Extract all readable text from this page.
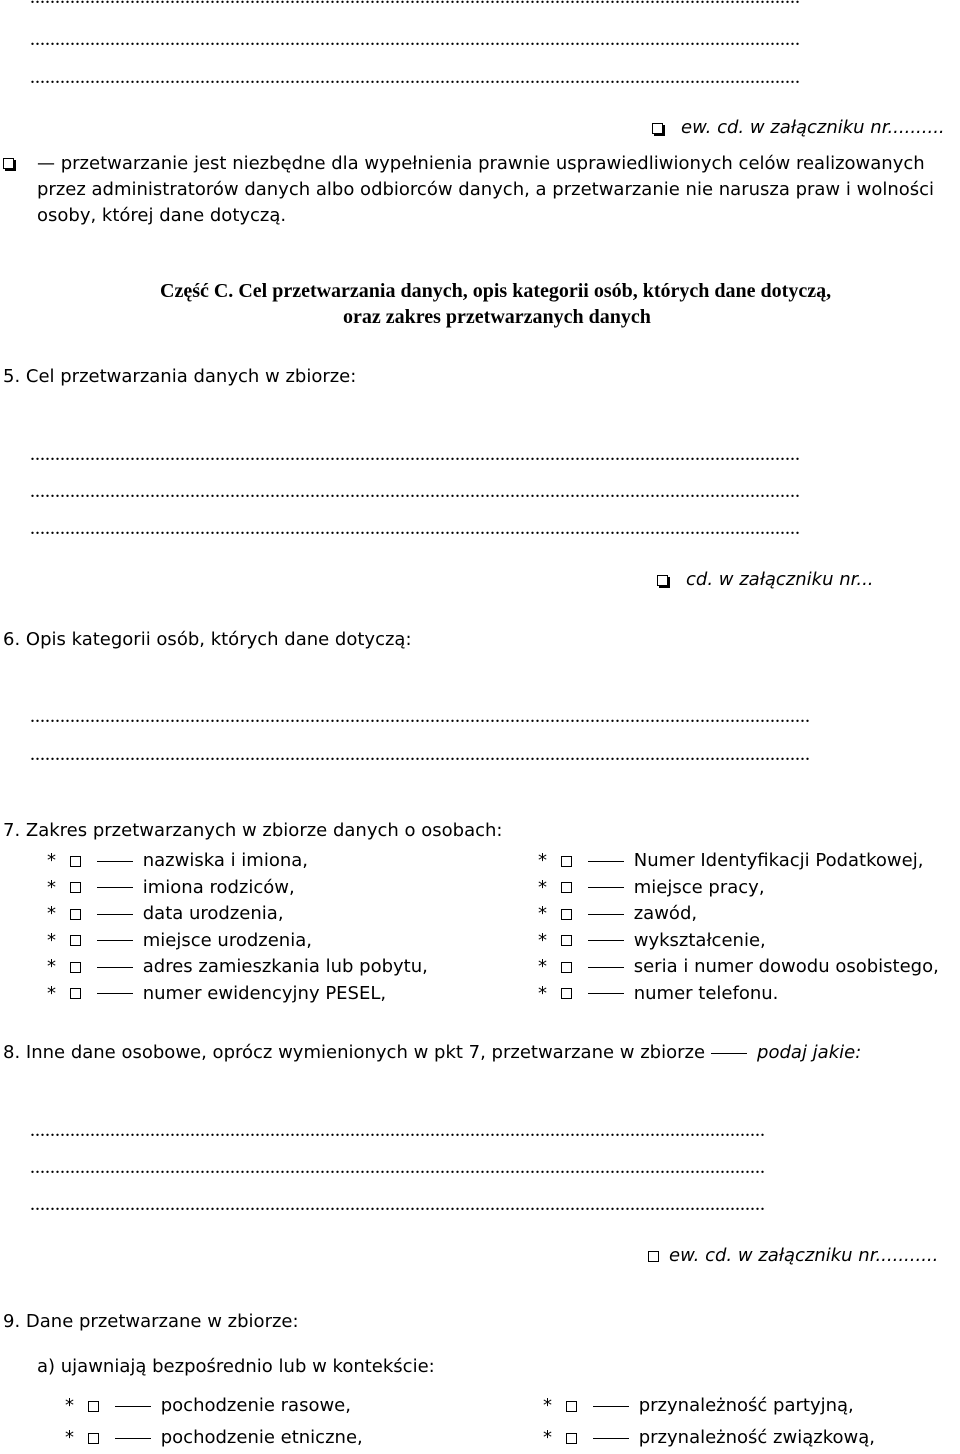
..........................................................................................................................................................
..........................................................................................................................................................
ew. cd. w załączniku nr..........
— przetwarzanie jest niezbędne dla wypełnienia prawnie usprawiedliwionych celów realizowanych przez administratorów danych albo odbiorców danych, a przetwarzanie nie narusza praw i wolności osoby, której dane dotyczą.
Część C. Cel przetwarzania danych, opis kategorii osób, których dane dotyczą,
oraz zakres przetwarzanych danych
5. Cel przetwarzania danych w zbiorze:
..........................................................................................................................................................
..........................................................................................................................................................
..........................................................................................................................................................
cd. w załączniku nr...
6. Opis kategorii osób, których dane dotyczą:
............................................................................................................................................................
............................................................................................................................................................
7. Zakres przetwarzanych w zbiorze danych o osobach:
*	nazwiska i imiona,
*	imiona rodziców,
*	data urodzenia,
*	miejsce urodzenia,
*	adres zamieszkania lub pobytu,
*	numer ewidencyjny PESEL,
*	Numer Identyfikacji Podatkowej,
*	miejsce pracy,
*	zawód,
*	wykształcenie,
*	seria i numer dowodu osobistego,
*	numer telefonu.
8. Inne dane osobowe, oprócz wymienionych w pkt 7, przetwarzane w zbiorze	podaj jakie:
...................................................................................................................................................
...................................................................................................................................................
...................................................................................................................................................
ew. cd. w załączniku nr...........
9. Dane przetwarzane w zbiorze:
a) ujawniają bezpośrednio lub w kontekście:
*	pochodzenie rasowe,
*	pochodzenie etniczne,
*	przynależność partyjną,
*	przynależność związkową,
